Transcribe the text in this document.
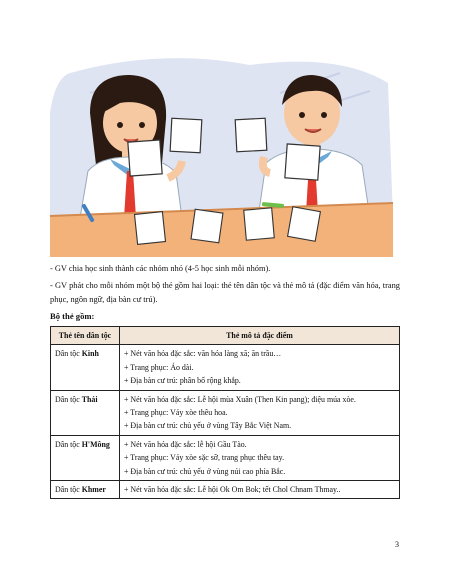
- GV chia học sinh thành các nhóm nhỏ (4-5 học sinh mỗi nhóm).
- GV phát cho mỗi nhóm một bộ thẻ gồm hai loại: thẻ tên dân tộc và thẻ mô tả (đặc điểm văn hóa, trang phục, ngôn ngữ, địa bàn cư trú).
Bộ thẻ gồm:
Thẻ tên dân tộc	Thẻ mô tả đặc điểm
Dân tộc Kinh	+ Nét văn hóa đặc sắc: văn hóa làng xã; ăn trầu…
+ Trang phục: Áo dài.
+ Địa bàn cư trú: phân bố rộng khắp.

Dân tộc Thái	+ Nét văn hóa đặc sắc: Lễ hội mùa Xuân (Then Kin pang); điệu múa xòe.
+ Trang phục: Váy xòe thêu hoa.
+ Địa bàn cư trú: chủ yếu ở vùng Tây Bắc Việt Nam.

Dân tộc H'Mông	+ Nét văn hóa đặc sắc: lễ hội Gầu Tào.
+ Trang phục: Váy xòe sặc sỡ, trang phục thêu tay.
+ Địa bàn cư trú: chủ yếu ở vùng núi cao phía Bắc.

Dân tộc Khmer	+ Nét văn hóa đặc sắc: Lễ hội Ok Om Bok; tết Chol Chnam Thmay..
3
